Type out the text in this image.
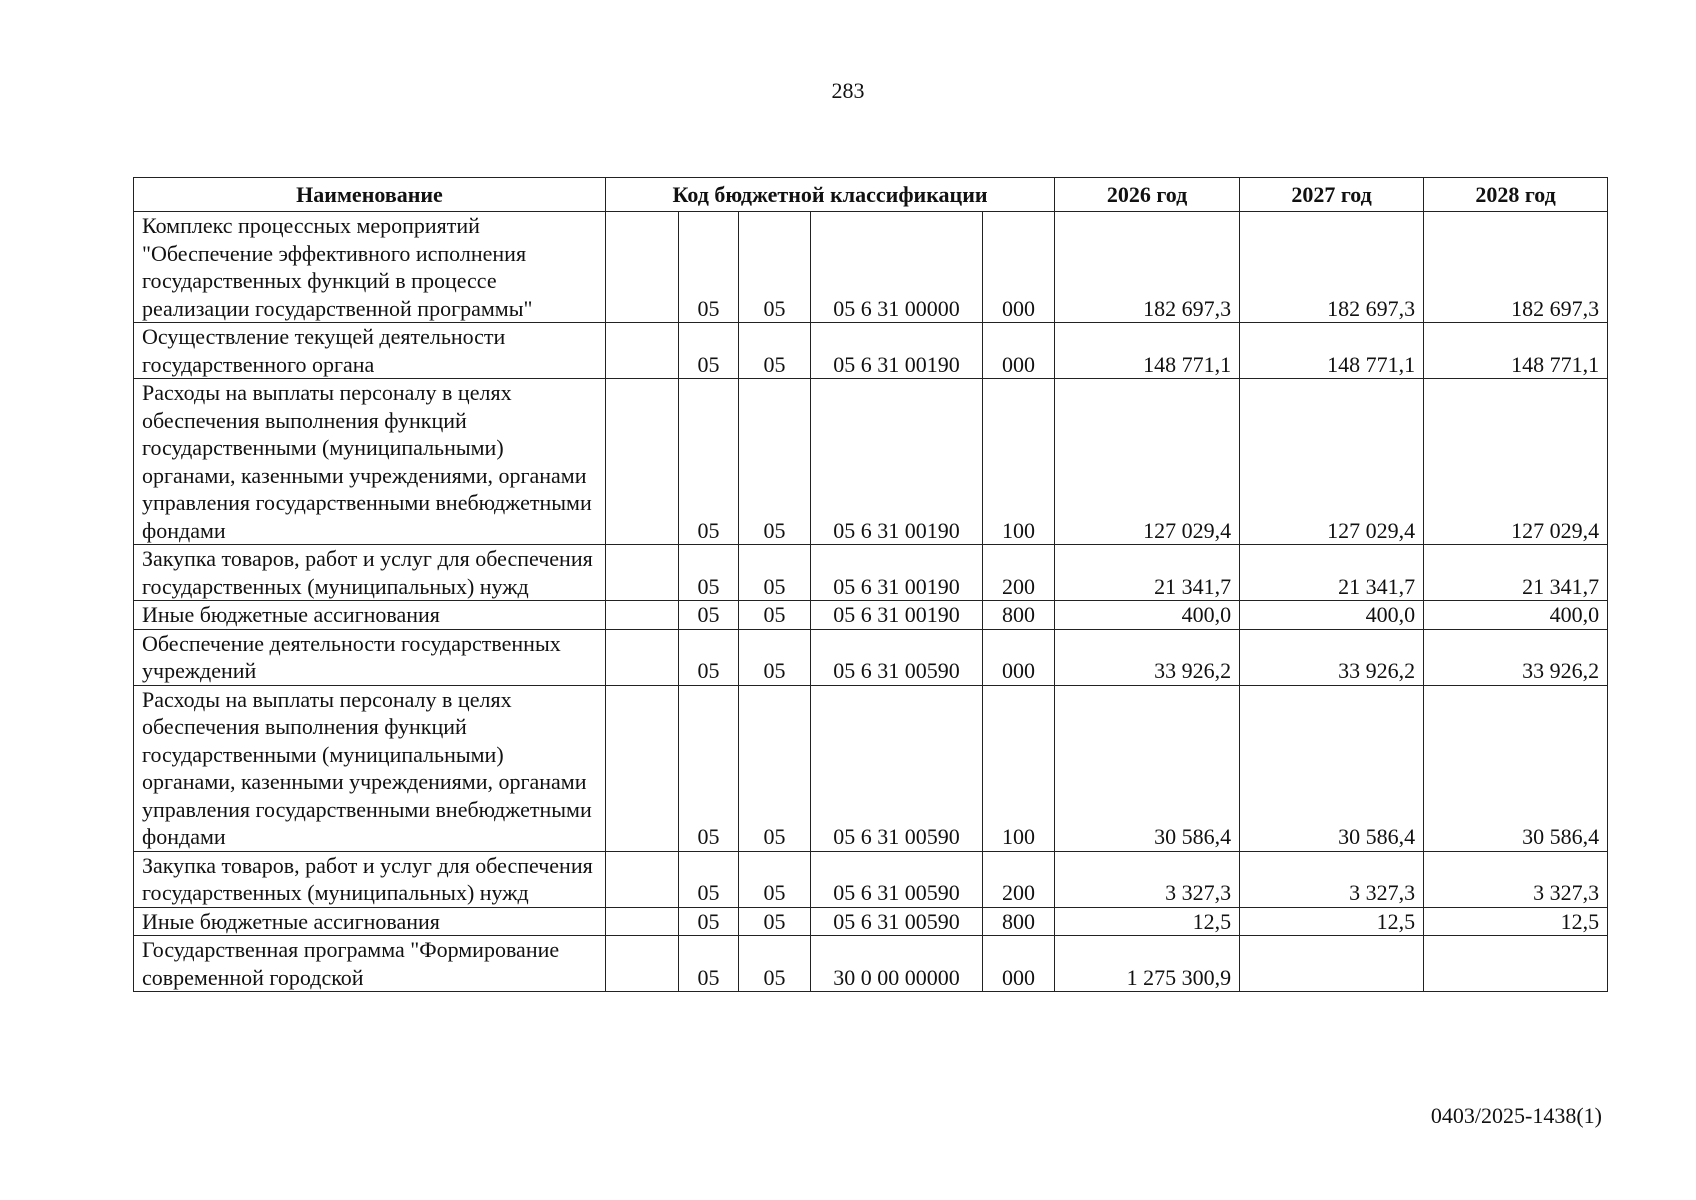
283
Наименование	Код бюджетной классификации					2026 год	2027 год	2028 год
Комплекс процессных мероприятий "Обеспечение эффективного исполнения государственных функций в процессе реализации государственной программы"		05	05	05 6 31 00000	000	182 697,3	182 697,3	182 697,3
Осуществление текущей деятельности государственного органа		05	05	05 6 31 00190	000	148 771,1	148 771,1	148 771,1
Расходы на выплаты персоналу в целях обеспечения выполнения функций государственными (муниципальными) органами, казенными учреждениями, органами управления государственными внебюджетными фондами		05	05	05 6 31 00190	100	127 029,4	127 029,4	127 029,4
Закупка товаров, работ и услуг для обеспечения государственных (муниципальных) нужд		05	05	05 6 31 00190	200	21 341,7	21 341,7	21 341,7
Иные бюджетные ассигнования		05	05	05 6 31 00190	800	400,0	400,0	400,0
Обеспечение деятельности государственных учреждений		05	05	05 6 31 00590	000	33 926,2	33 926,2	33 926,2
Расходы на выплаты персоналу в целях обеспечения выполнения функций государственными (муниципальными) органами, казенными учреждениями, органами управления государственными внебюджетными фондами		05	05	05 6 31 00590	100	30 586,4	30 586,4	30 586,4
Закупка товаров, работ и услуг для обеспечения государственных (муниципальных) нужд		05	05	05 6 31 00590	200	3 327,3	3 327,3	3 327,3
Иные бюджетные ассигнования		05	05	05 6 31 00590	800	12,5	12,5	12,5
Государственная программа "Формирование современной городской		05	05	30 0 00 00000	000	1 275 300,9		
0403/2025-1438(1)
